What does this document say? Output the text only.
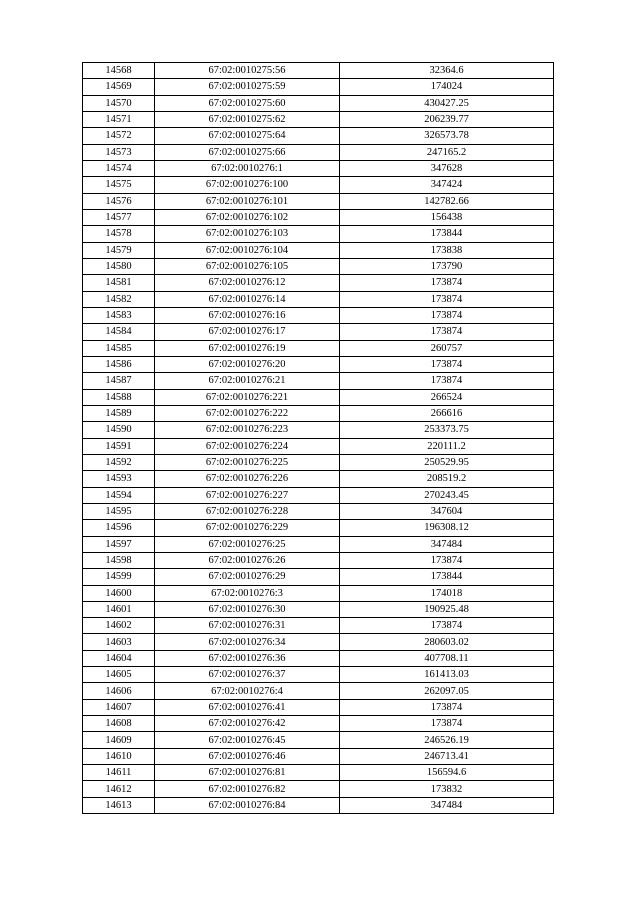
14568	67:02:0010275:56	32364.6
14569	67:02:0010275:59	174024
14570	67:02:0010275:60	430427.25
14571	67:02:0010275:62	206239.77
14572	67:02:0010275:64	326573.78
14573	67:02:0010275:66	247165.2
14574	67:02:0010276:1	347628
14575	67:02:0010276:100	347424
14576	67:02:0010276:101	142782.66
14577	67:02:0010276:102	156438
14578	67:02:0010276:103	173844
14579	67:02:0010276:104	173838
14580	67:02:0010276:105	173790
14581	67:02:0010276:12	173874
14582	67:02:0010276:14	173874
14583	67:02:0010276:16	173874
14584	67:02:0010276:17	173874
14585	67:02:0010276:19	260757
14586	67:02:0010276:20	173874
14587	67:02:0010276:21	173874
14588	67:02:0010276:221	266524
14589	67:02:0010276:222	266616
14590	67:02:0010276:223	253373.75
14591	67:02:0010276:224	220111.2
14592	67:02:0010276:225	250529.95
14593	67:02:0010276:226	208519.2
14594	67:02:0010276:227	270243.45
14595	67:02:0010276:228	347604
14596	67:02:0010276:229	196308.12
14597	67:02:0010276:25	347484
14598	67:02:0010276:26	173874
14599	67:02:0010276:29	173844
14600	67:02:0010276:3	174018
14601	67:02:0010276:30	190925.48
14602	67:02:0010276:31	173874
14603	67:02:0010276:34	280603.02
14604	67:02:0010276:36	407708.11
14605	67:02:0010276:37	161413.03
14606	67:02:0010276:4	262097.05
14607	67:02:0010276:41	173874
14608	67:02:0010276:42	173874
14609	67:02:0010276:45	246526.19
14610	67:02:0010276:46	246713.41
14611	67:02:0010276:81	156594.6
14612	67:02:0010276:82	173832
14613	67:02:0010276:84	347484
